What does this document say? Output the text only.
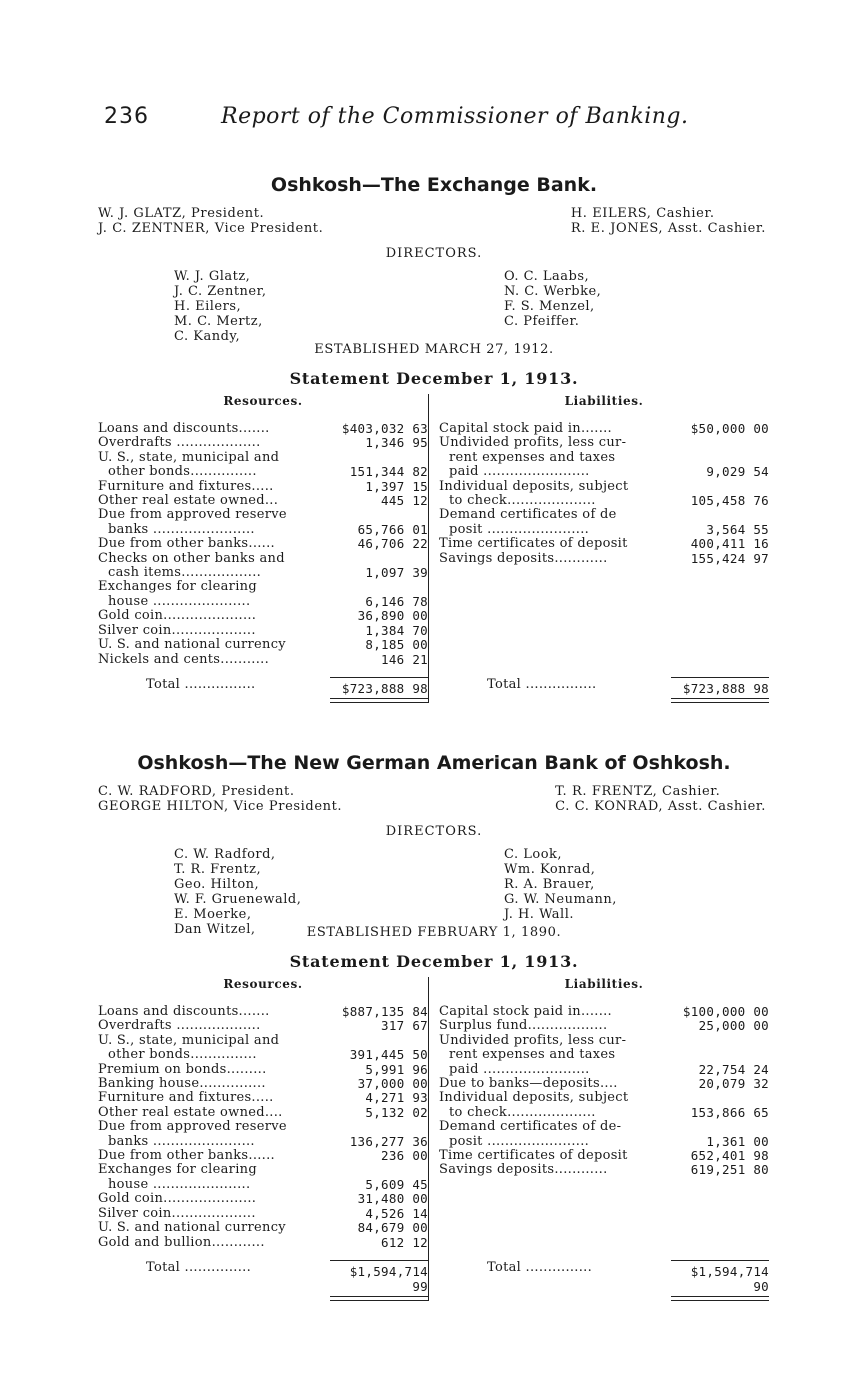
236	Report of the Commissioner of Banking.
Oshkosh—The Exchange Bank.
W. J. GLATZ, President.
J. C. ZENTNER, Vice President.
H. EILERS, Cashier.
R. E. JONES, Asst. Cashier.
DIRECTORS.
W. J. Glatz,
J. C. Zentner,
H. Eilers,
M. C. Mertz,
C. Kandy,
O. C. Laabs,
N. C. Werbke,
F. S. Menzel,
C. Pfeiffer.
ESTABLISHED MARCH 27, 1912.
Statement December 1, 1913.
Resources.
Loans and discounts.......	$403,032 63
Overdrafts ...................	1,346 95
U. S., state, municipal and
other bonds...............	151,344 82
Furniture and fixtures.....	1,397 15
Other real estate owned...	445 12
Due from approved reserve
banks .......................	65,766 01
Due from other banks......	46,706 22
Checks on other banks and
cash items..................	1,097 39
Exchanges for clearing
house ......................	6,146 78
Gold coin.....................	36,890 00
Silver coin...................	1,384 70
U. S. and national currency	8,185 00
Nickels and cents...........	146 21
Total ................	$723,888 98
Liabilities.
Capital stock paid in.......	$50,000 00
Undivided profits, less cur-
rent expenses and taxes
paid ........................	9,029 54
Individual deposits, subject
to check....................	105,458 76
Demand certificates of de
posit .......................	3,564 55
Time certificates of deposit	400,411 16
Savings deposits............	155,424 97
Total ................	$723,888 98
Oshkosh—The New German American Bank of Oshkosh.
C. W. RADFORD, President.
GEORGE HILTON, Vice President.
T. R. FRENTZ, Cashier.
C. C. KONRAD, Asst. Cashier.
DIRECTORS.
C. W. Radford,
T. R. Frentz,
Geo. Hilton,
W. F. Gruenewald,
E. Moerke,
Dan Witzel,
C. Look,
Wm. Konrad,
R. A. Brauer,
G. W. Neumann,
J. H. Wall.
ESTABLISHED FEBRUARY 1, 1890.
Statement December 1, 1913.
Resources.
Loans and discounts.......	$887,135 84
Overdrafts ...................	317 67
U. S., state, municipal and
other bonds...............	391,445 50
Premium on bonds.........	5,991 96
Banking house...............	37,000 00
Furniture and fixtures.....	4,271 93
Other real estate owned....	5,132 02
Due from approved reserve
banks .......................	136,277 36
Due from other banks......	236 00
Exchanges for clearing
house ......................	5,609 45
Gold coin.....................	31,480 00
Silver coin...................	4,526 14
U. S. and national currency	84,679 00
Gold and bullion............	612 12
Total ...............	$1,594,714 99
Liabilities.
Capital stock paid in.......	$100,000 00
Surplus fund..................	25,000 00
Undivided profits, less cur-
rent expenses and taxes
paid ........................	22,754 24
Due to banks—deposits....	20,079 32
Individual deposits, subject
to check....................	153,866 65
Demand certificates of de-
posit .......................	1,361 00
Time certificates of deposit	652,401 98
Savings deposits............	619,251 80
Total ...............	$1,594,714 90
